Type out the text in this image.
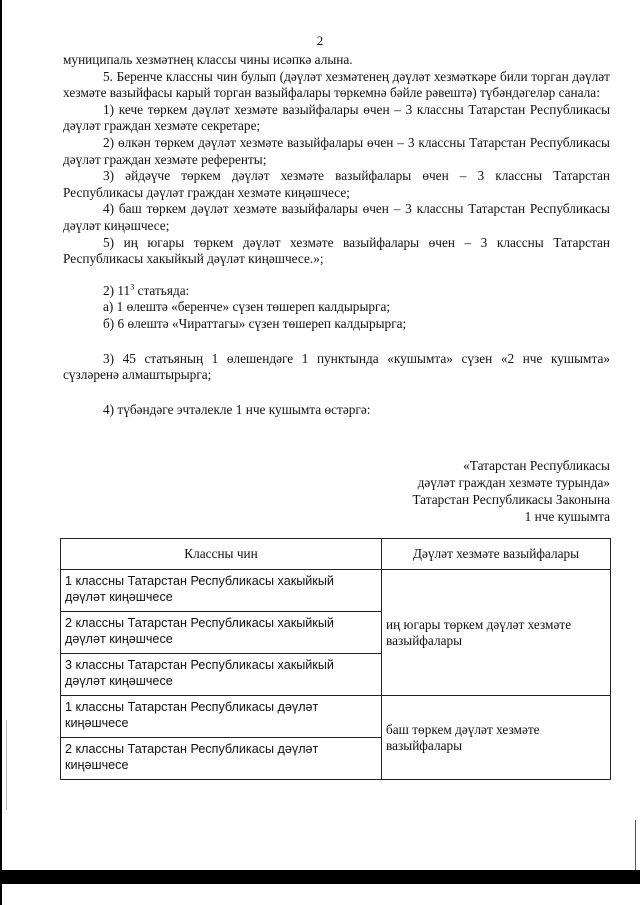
2

муниципаль хезмәтнең классы чины исәпкә алына.

5. Беренче классны чин булып (дәүләт хезмәтенең дәүләт хезмәткәре били торган дәүләт хезмәте вазыйфасы карый торган вазыйфалары төркемнә бәйле рәвештә) түбәндәгеләр санала:

1) кече төркем дәүләт хезмәте вазыйфалары өчен – 3 классны Татарстан Республикасы дәүләт граждан хезмәте секретаре;

2) өлкән төркем дәүләт хезмәте вазыйфалары өчен – 3 классны Татарстан Республикасы дәүләт граждан хезмәте референты;

3) әйдәүче төркем дәүләт хезмәте вазыйфалары өчен – 3 классны Татарстан Республикасы дәүләт граждан хезмәте киңәшчесе;

4) баш төркем дәүләт хезмәте вазыйфалары өчен – 3 классны Татарстан Республикасы дәүләт киңәшчесе;

5) иң югары төркем дәүләт хезмәте вазыйфалары өчен – 3 классны Татарстан Республикасы хакыйкый дәүләт киңәшчесе.»;

2) $11^3$ статьяда:

а) 1 өлештә «беренче» сүзен төшереп калдырырга;

б) 6 өлештә «Чираттагы» сүзен төшереп калдырырга;

3) 45 статьяның 1 өлешендәге 1 пунктында «кушымта» сүзен «2 нче кушымта» сүзләренә алмаштырырга;

4) түбәндәге эчтәлекле 1 нче кушымта өстәргә:

«Татарстан Республикасы
дәүләт граждан хезмәте турында»
Татарстан Республикасы Законына
1 нче кушымта
Классны чин	Дәүләт хезмәте вазыйфалары
1 классны Татарстан Республикасы хакыйкый дәүләт киңәшчесе	иң югары төркем дәүләт хезмәте вазыйфалары

2 классны Татарстан Республикасы хакыйкый дәүләт киңәшчесе	
3 классны Татарстан Республикасы хакыйкый дәүләт киңәшчесе	
1 классны Татарстан Республикасы дәүләт киңәшчесе	баш төркем дәүләт хезмәте вазыйфалары

2 классны Татарстан Республикасы дәүләт киңәшчесе	
